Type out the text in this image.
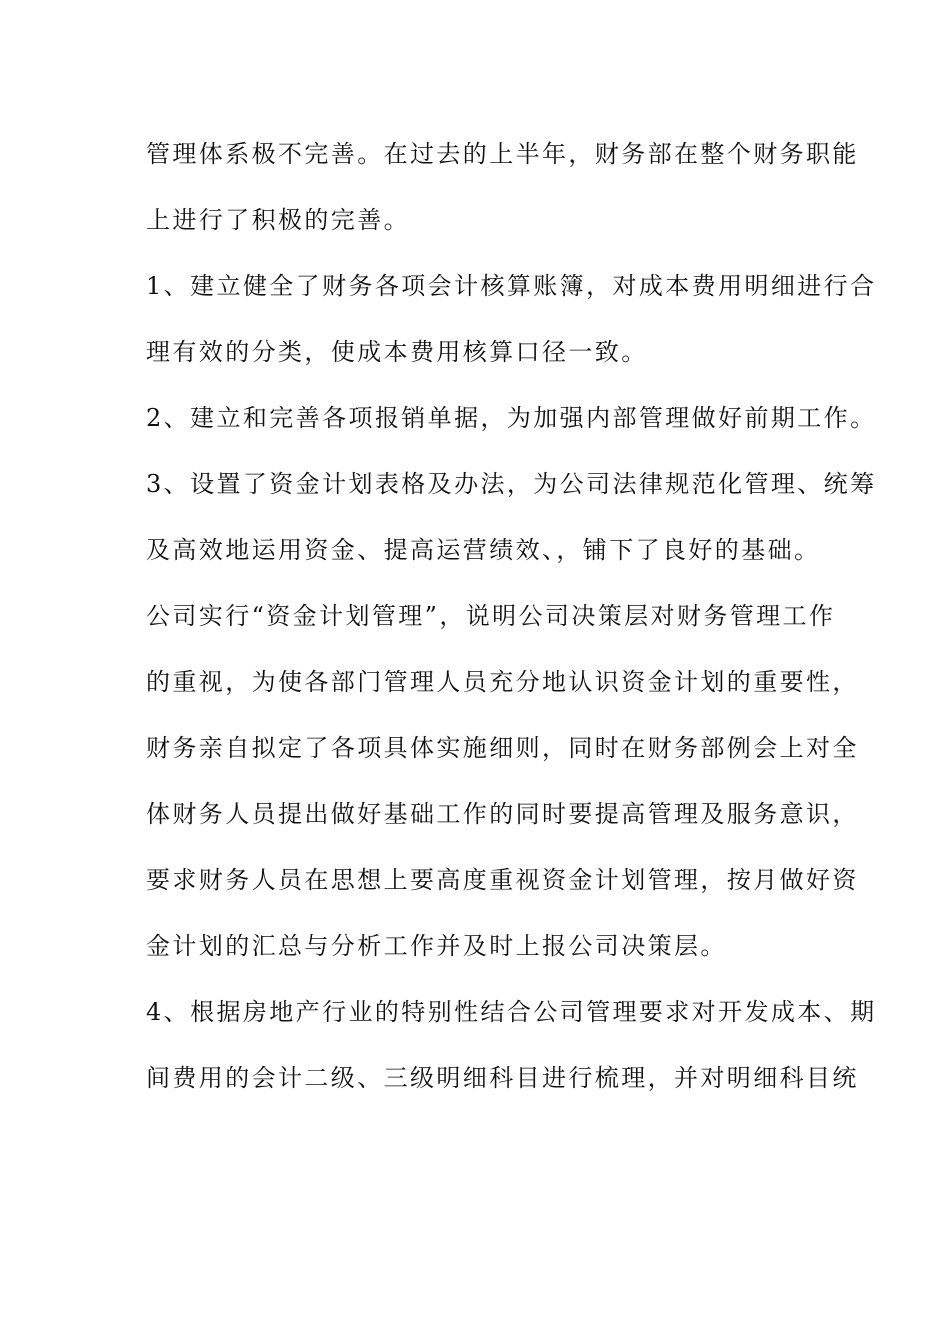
管理体系极不完善。在过去的上半年，财务部在整个财务职能
上进行了积极的完善。
1、建立健全了财务各项会计核算账簿，对成本费用明细进行合
理有效的分类，使成本费用核算口径一致。
2、建立和完善各项报销单据，为加强内部管理做好前期工作。
3、设置了资金计划表格及办法，为公司法律规范化管理、统筹
及高效地运用资金、提高运营绩效、，铺下了良好的基础。
公司实行“资金计划管理”，说明公司决策层对财务管理工作
的重视，为使各部门管理人员充分地认识资金计划的重要性，
财务亲自拟定了各项具体实施细则，同时在财务部例会上对全
体财务人员提出做好基础工作的同时要提高管理及服务意识，
要求财务人员在思想上要高度重视资金计划管理，按月做好资
金计划的汇总与分析工作并及时上报公司决策层。
4、根据房地产行业的特别性结合公司管理要求对开发成本、期
间费用的会计二级、三级明细科目进行梳理，并对明细科目统
